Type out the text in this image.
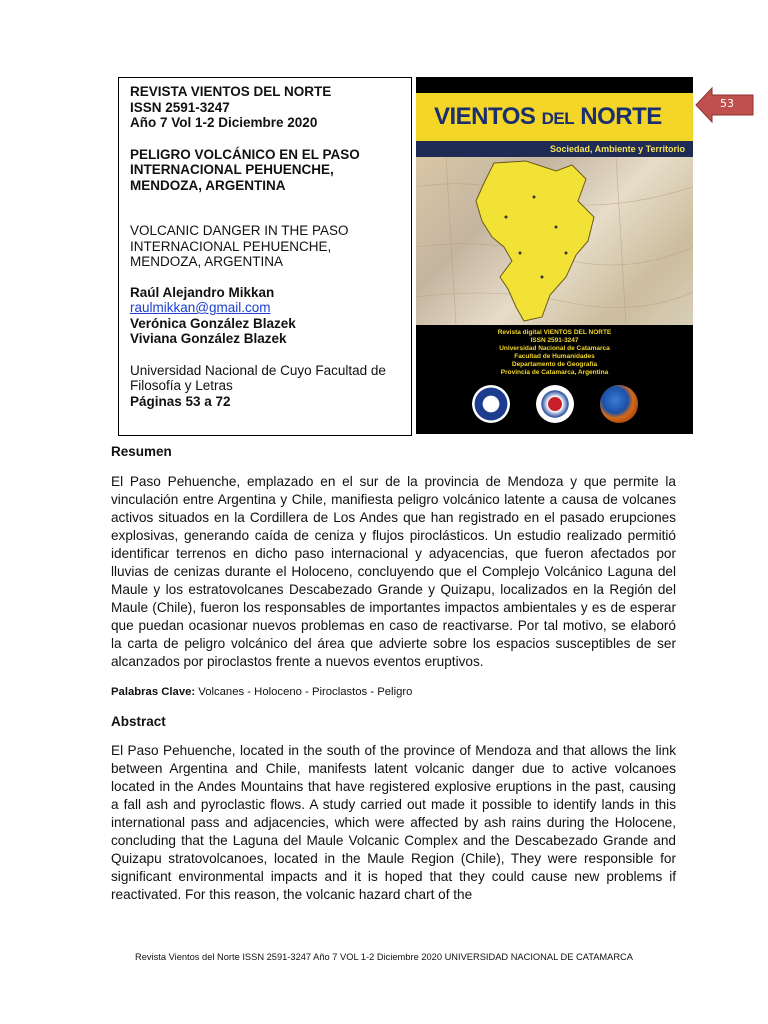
REVISTA VIENTOS DEL NORTE
ISSN 2591-3247
Año 7 Vol 1-2 Diciembre 2020
PELIGRO VOLCÁNICO EN EL PASO
INTERNACIONAL PEHUENCHE,
MENDOZA, ARGENTINA
VOLCANIC DANGER IN THE PASO
INTERNACIONAL PEHUENCHE,
MENDOZA, ARGENTINA
Raúl Alejandro Mikkan
raulmikkan@gmail.com
Verónica González Blazek
Viviana González Blazek
Universidad Nacional de Cuyo Facultad de
Filosofía y Letras
Páginas 53 a 72
VIENTOS DEL NORTE
Sociedad, Ambiente y Territorio
Revista digital VIENTOS DEL NORTE
ISSN 2591-3247
Universidad Nacional de Catamarca
Facultad de Humanidades
Departamento de Geografía
Provincia de Catamarca, Argentina
53
Resumen
El Paso Pehuenche, emplazado en el sur de la provincia de Mendoza y que permite la vinculación entre Argentina y Chile, manifiesta peligro volcánico latente a causa de volcanes activos situados en la Cordillera de Los Andes que han registrado en el pasado erupciones explosivas, generando caída de ceniza y flujos piroclásticos. Un estudio realizado permitió identificar terrenos en dicho paso internacional y adyacencias, que fueron afectados por lluvias de cenizas durante el Holoceno, concluyendo que el Complejo Volcánico Laguna del Maule y los estratovolcanes Descabezado Grande y Quizapu, localizados en la Región del Maule (Chile), fueron los responsables de importantes impactos ambientales y es de esperar que puedan ocasionar nuevos problemas en caso de reactivarse. Por tal motivo, se elaboró la carta de peligro volcánico del área que advierte sobre los espacios susceptibles de ser alcanzados por piroclastos frente a nuevos eventos eruptivos.
Palabras Clave: Volcanes - Holoceno - Piroclastos - Peligro
Abstract
El Paso Pehuenche, located in the south of the province of Mendoza and that allows the link between Argentina and Chile, manifests latent volcanic danger due to active volcanoes located in the Andes Mountains that have registered explosive eruptions in the past, causing a fall ash and pyroclastic flows. A study carried out made it possible to identify lands in this international pass and adjacencies, which were affected by ash rains during the Holocene, concluding that the Laguna del Maule Volcanic Complex and the Descabezado Grande and Quizapu stratovolcanoes, located in the Maule Region (Chile), They were responsible for significant environmental impacts and it is hoped that they could cause new problems if reactivated. For this reason, the volcanic hazard chart of the
Revista Vientos del Norte ISSN 2591-3247 Año 7 VOL 1-2 Diciembre 2020 UNIVERSIDAD NACIONAL DE CATAMARCA
